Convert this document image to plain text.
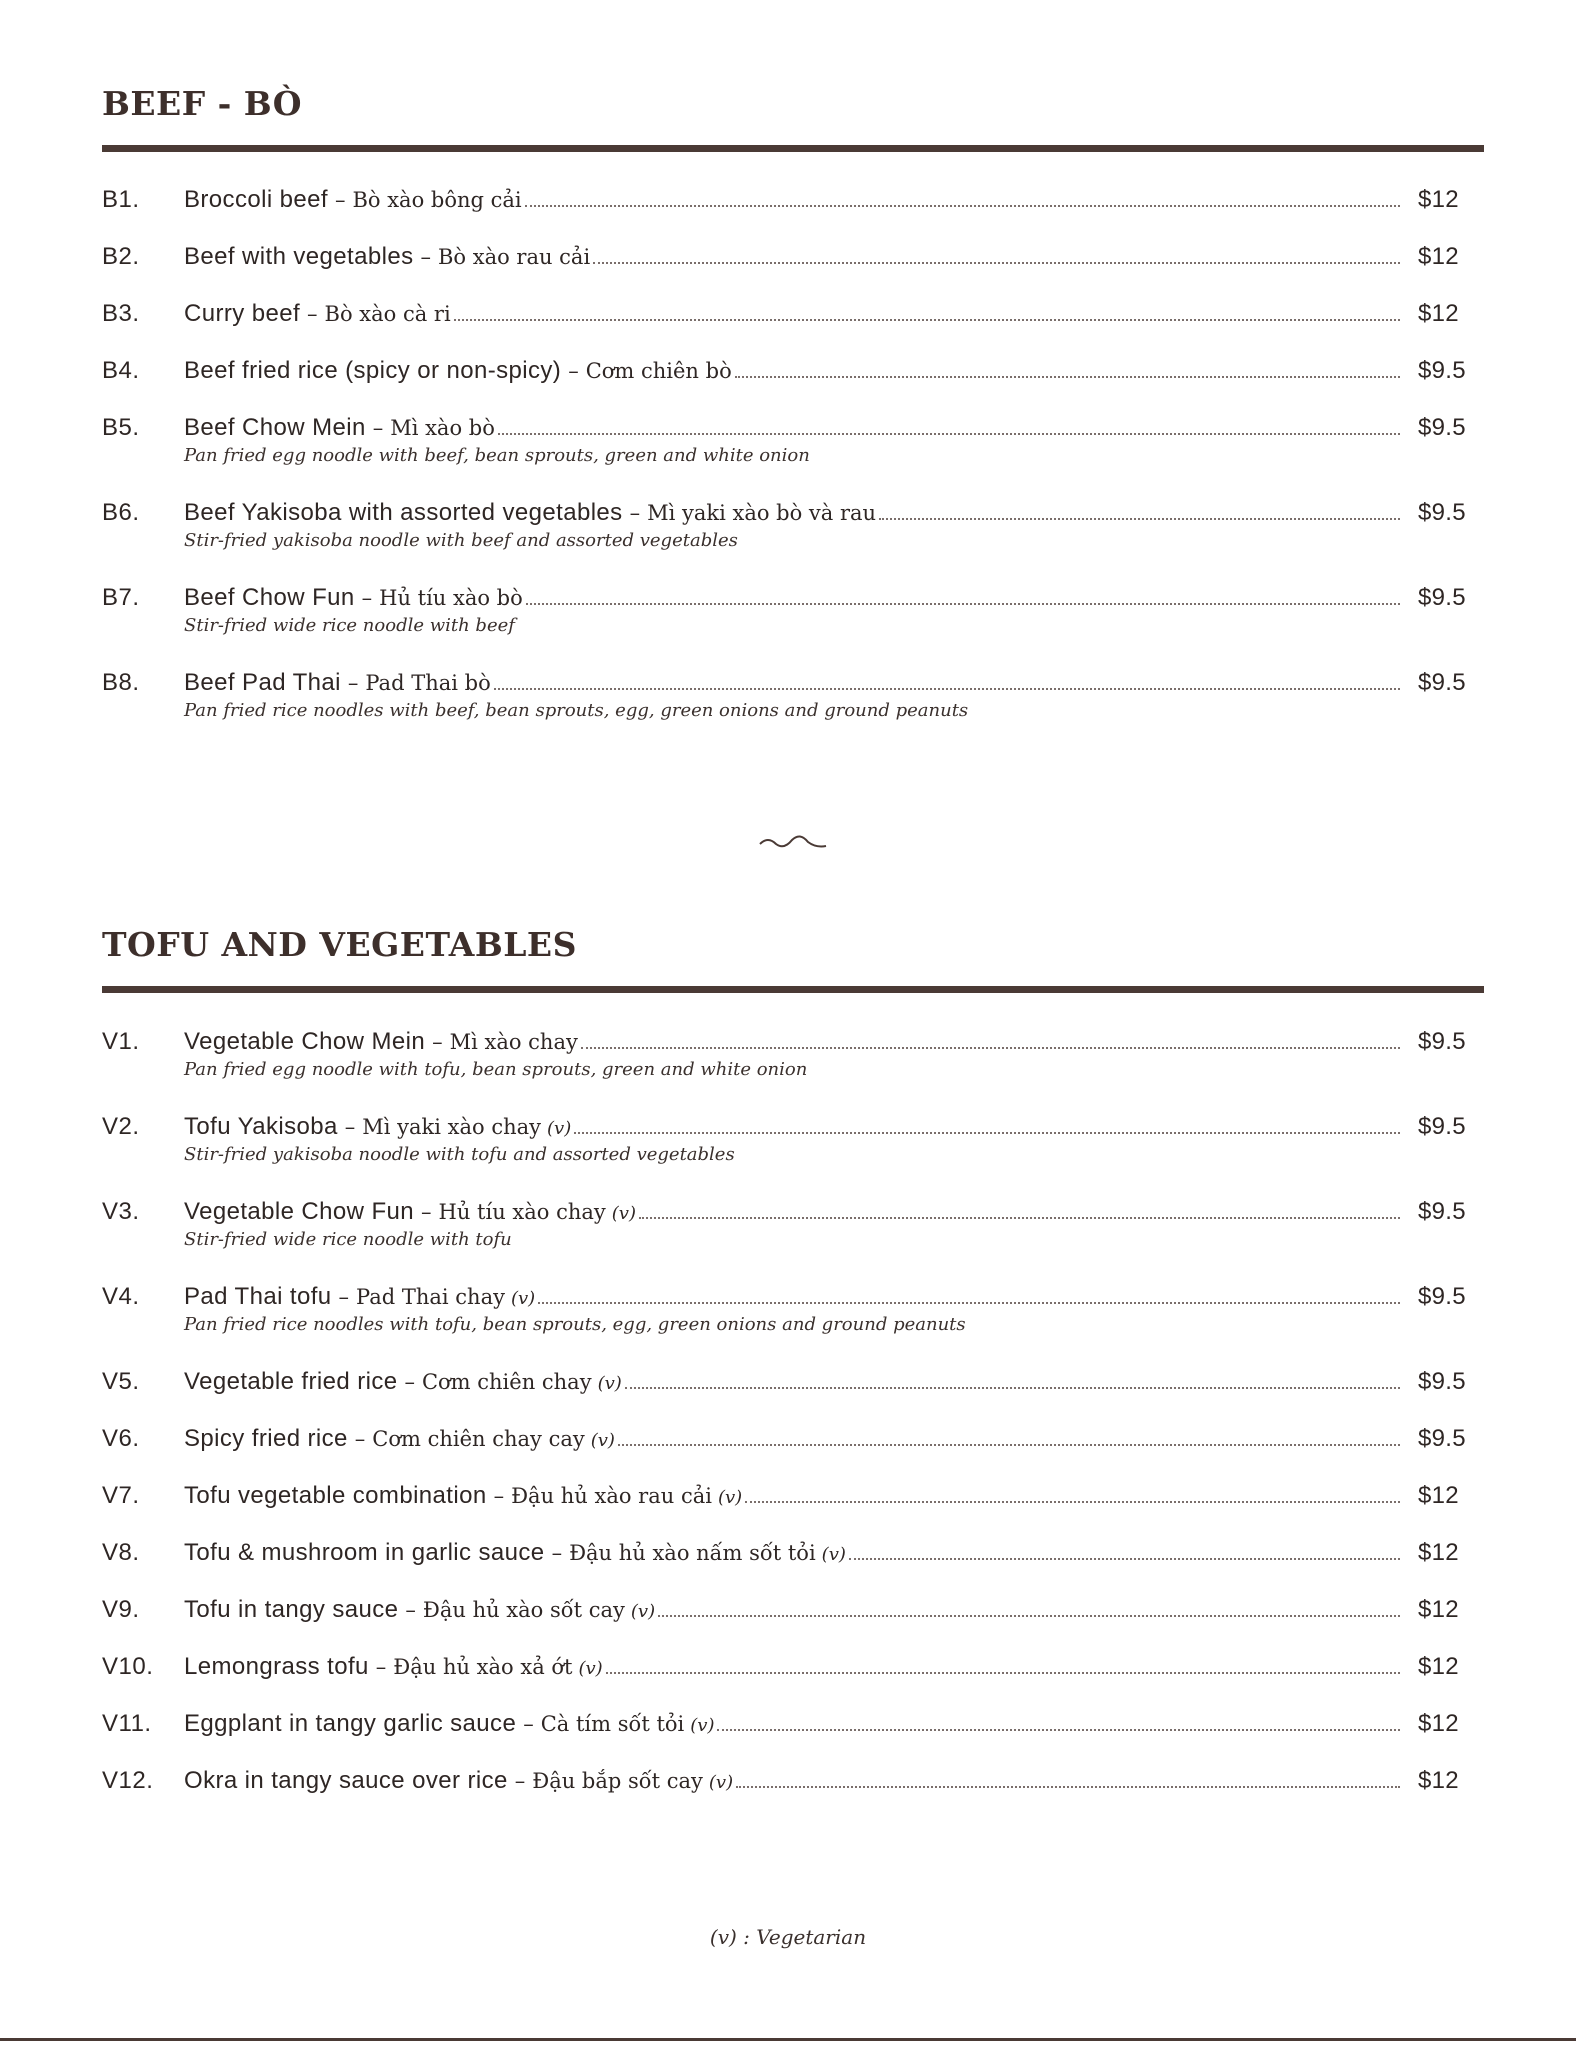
BEEF - BÒ
B1. Broccoli beef – Bò xào bông cải	$12
B2. Beef with vegetables – Bò xào rau cải	$12
B3. Curry beef – Bò xào cà ri	$12
B4. Beef fried rice (spicy or non-spicy) – Cơm chiên bò	$9.5
B5. Beef Chow Mein – Mì xào bò	$9.5
Pan fried egg noodle with beef, bean sprouts, green and white onion
B6. Beef Yakisoba with assorted vegetables – Mì yaki xào bò và rau	$9.5
Stir-fried yakisoba noodle with beef and assorted vegetables
B7. Beef Chow Fun – Hủ tíu xào bò	$9.5
Stir-fried wide rice noodle with beef
B8. Beef Pad Thai – Pad Thai bò	$9.5
Pan fried rice noodles with beef, bean sprouts, egg, green onions and ground peanuts
TOFU AND VEGETABLES
V1. Vegetable Chow Mein – Mì xào chay	$9.5
Pan fried egg noodle with tofu, bean sprouts, green and white onion
V2. Tofu Yakisoba – Mì yaki xào chay (v)	$9.5
Stir-fried yakisoba noodle with tofu and assorted vegetables
V3. Vegetable Chow Fun – Hủ tíu xào chay (v)	$9.5
Stir-fried wide rice noodle with tofu
V4. Pad Thai tofu – Pad Thai chay (v)	$9.5
Pan fried rice noodles with tofu, bean sprouts, egg, green onions and ground peanuts
V5. Vegetable fried rice – Cơm chiên chay (v)	$9.5
V6. Spicy fried rice – Cơm chiên chay cay (v)	$9.5
V7. Tofu vegetable combination – Đậu hủ xào rau cải (v)	$12
V8. Tofu & mushroom in garlic sauce – Đậu hủ xào nấm sốt tỏi (v)	$12
V9. Tofu in tangy sauce – Đậu hủ xào sốt cay (v)	$12
V10. Lemongrass tofu – Đậu hủ xào xả ớt (v)	$12
V11. Eggplant in tangy garlic sauce – Cà tím sốt tỏi (v)	$12
V12. Okra in tangy sauce over rice – Đậu bắp sốt cay (v)	$12
(v) : Vegetarian
